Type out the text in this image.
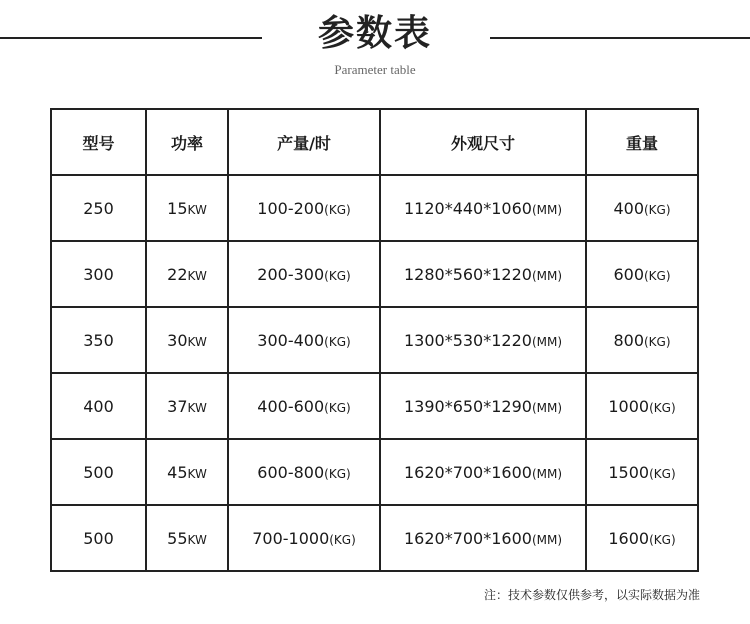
参数表
Parameter table
型号	功率	产量/时	外观尺寸	重量
250	15KW	100-200(KG)	1120*440*1060(MM)	400(KG)
300	22KW	200-300(KG)	1280*560*1220(MM)	600(KG)
350	30KW	300-400(KG)	1300*530*1220(MM)	800(KG)
400	37KW	400-600(KG)	1390*650*1290(MM)	1000(KG)
500	45KW	600-800(KG)	1620*700*1600(MM)	1500(KG)
500	55KW	700-1000(KG)	1620*700*1600(MM)	1600(KG)
注：技术参数仅供参考，以实际数据为准
